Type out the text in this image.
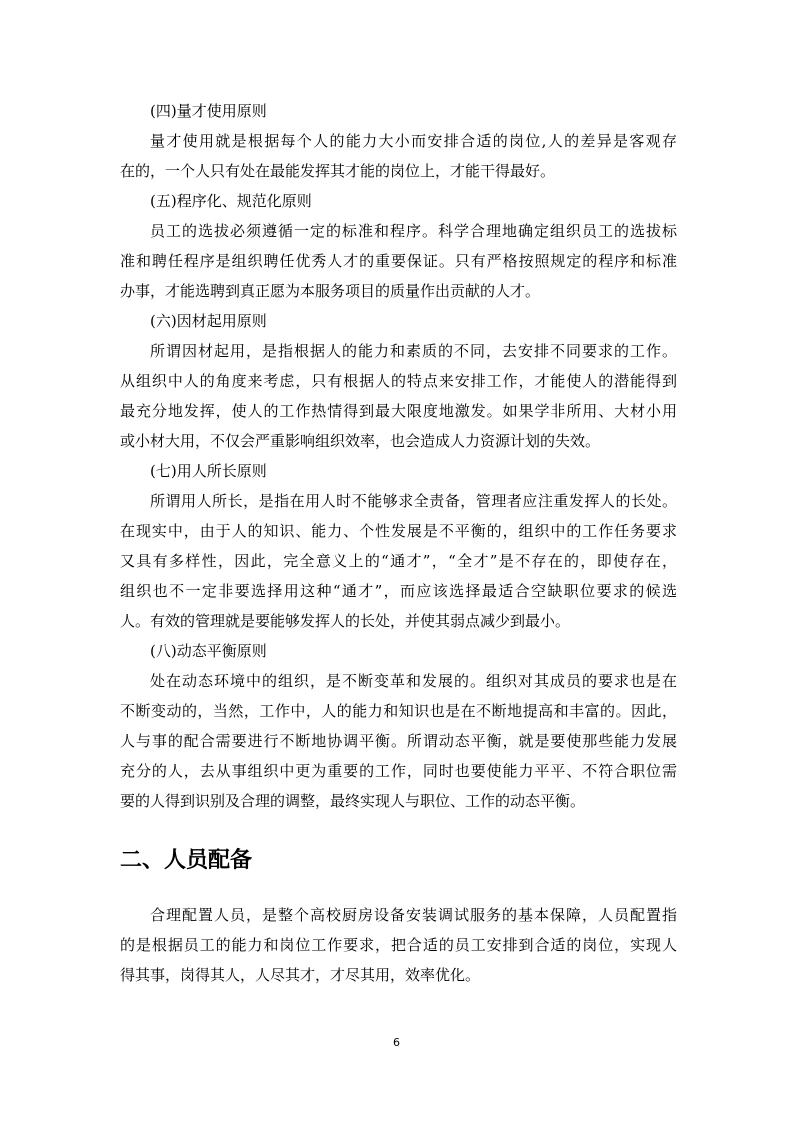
(四)量才使用原则
量才使用就是根据每个人的能力大小而安排合适的岗位,人的差异是客观存
在的，一个人只有处在最能发挥其才能的岗位上，才能干得最好。
(五)程序化、规范化原则
员工的选拔必须遵循一定的标准和程序。科学合理地确定组织员工的选拔标
准和聘任程序是组织聘任优秀人才的重要保证。只有严格按照规定的程序和标准
办事，才能选聘到真正愿为本服务项目的质量作出贡献的人才。
(六)因材起用原则
所谓因材起用，是指根据人的能力和素质的不同，去安排不同要求的工作。
从组织中人的角度来考虑，只有根据人的特点来安排工作，才能使人的潜能得到
最充分地发挥，使人的工作热情得到最大限度地激发。如果学非所用、大材小用
或小材大用，不仅会严重影响组织效率，也会造成人力资源计划的失效。
(七)用人所长原则
所谓用人所长，是指在用人时不能够求全责备，管理者应注重发挥人的长处。
在现实中，由于人的知识、能力、个性发展是不平衡的，组织中的工作任务要求
又具有多样性，因此，完全意义上的“通才”，“全才”是不存在的，即使存在，
组织也不一定非要选择用这种“通才”，而应该选择最适合空缺职位要求的候选
人。有效的管理就是要能够发挥人的长处，并使其弱点减少到最小。
(八)动态平衡原则
处在动态环境中的组织，是不断变革和发展的。组织对其成员的要求也是在
不断变动的，当然，工作中，人的能力和知识也是在不断地提高和丰富的。因此，
人与事的配合需要进行不断地协调平衡。所谓动态平衡，就是要使那些能力发展
充分的人，去从事组织中更为重要的工作，同时也要使能力平平、不符合职位需
要的人得到识别及合理的调整，最终实现人与职位、工作的动态平衡。
二、人员配备
合理配置人员，是整个高校厨房设备安装调试服务的基本保障，人员配置指
的是根据员工的能力和岗位工作要求，把合适的员工安排到合适的岗位，实现人
得其事，岗得其人，人尽其才，才尽其用，效率优化。
6
